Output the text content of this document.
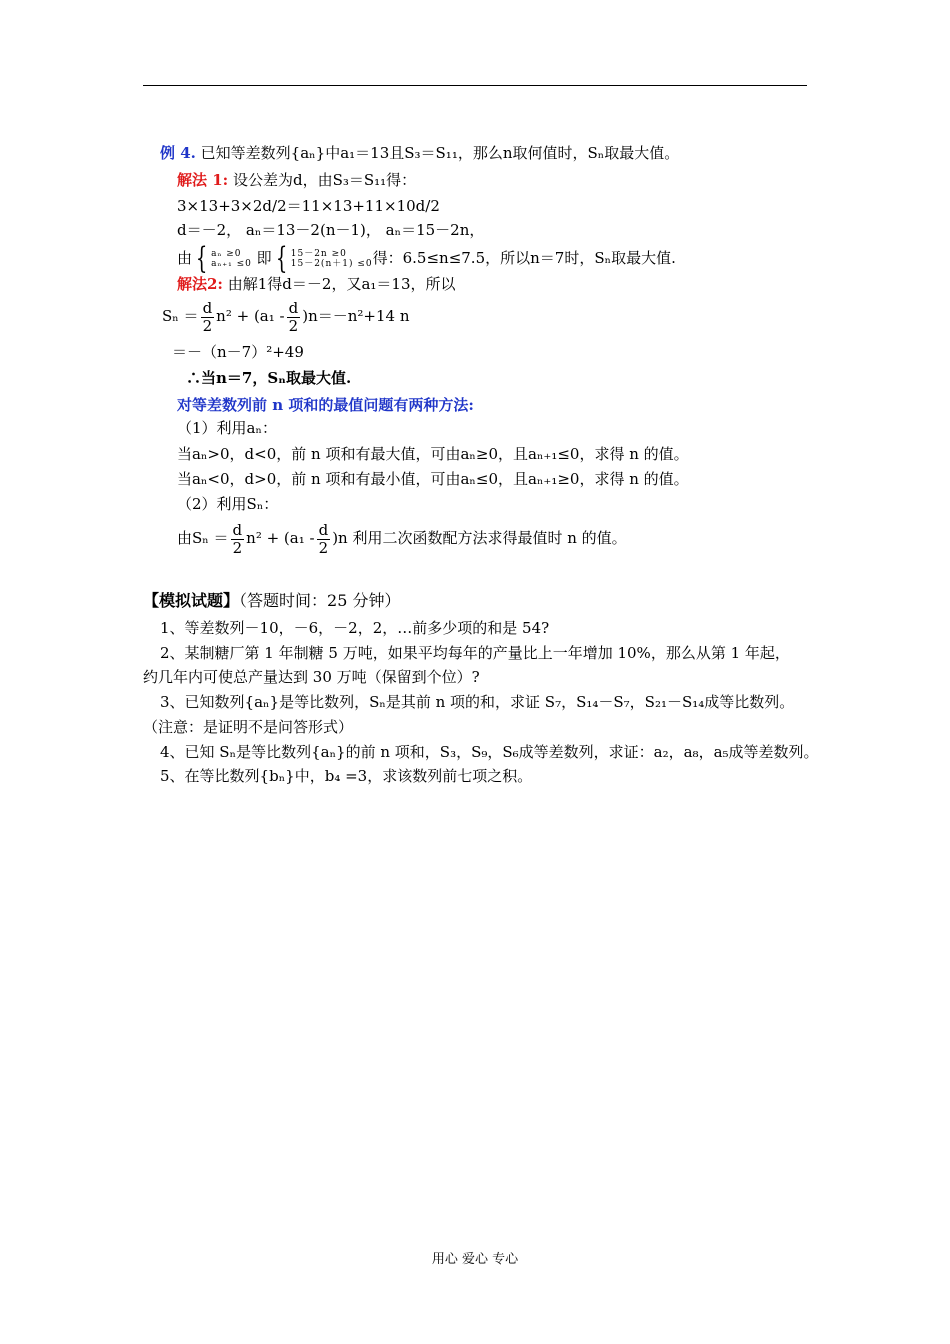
例 4. 已知等差数列{aₙ}中a₁＝13且S₃＝S₁₁，那么n取何值时，Sₙ取最大值。
解法 1: 设公差为d，由S₃＝S₁₁得：
3×13+3×2d/2＝11×13+11×10d/2
d＝－2， aₙ＝13－2(n－1)， aₙ＝15－2n，
由 { aₙ ≥0
aₙ₊₁ ≤0 即 { 15－2n ≥0
15－2(n＋1) ≤0得：6.5≤n≤7.5，所以n＝7时，Sₙ取最大值.
解法2: 由解1得d＝－2，又a₁＝13，所以
$S_n = \frac{d}{2} n^2 + (a_1 - \frac{d}{2} )n=-n^2+14$ n
＝－（n－7）²+49
∴当n＝7，Sₙ取最大值.
对等差数列前 n 项和的最值问题有两种方法:
（1）利用aₙ：
当aₙ>0，d<0，前 n 项和有最大值，可由aₙ≥0，且aₙ₊₁≤0，求得 n 的值。
当aₙ<0，d>0，前 n 项和有最小值，可由aₙ≤0，且aₙ₊₁≥0，求得 n 的值。
（2）利用Sₙ：
由$S_n = \frac{d}{2} n^2 + (a_1 - \frac{d}{2} )n$ 利用二次函数配方法求得最值时 n 的值。
【模拟试题】（答题时间：25 分钟）
1、等差数列－10，－6，－2，2，…前多少项的和是 54?
2、某制糖厂第 1 年制糖 5 万吨，如果平均每年的产量比上一年增加 10%，那么从第 1 年起，
约几年内可使总产量达到 30 万吨（保留到个位）?
3、已知数列{aₙ}是等比数列，Sₙ是其前 n 项的和，求证 S₇，S₁₄－S₇，S₂₁－S₁₄成等比数列。
（注意：是证明不是问答形式）
4、已知 Sₙ是等比数列{aₙ}的前 n 项和，S₃，S₉，S₆成等差数列，求证：a₂，a₈，a₅成等差数列。
5、在等比数列{bₙ}中，b₄ =3，求该数列前七项之积。
用心 爱心 专心
